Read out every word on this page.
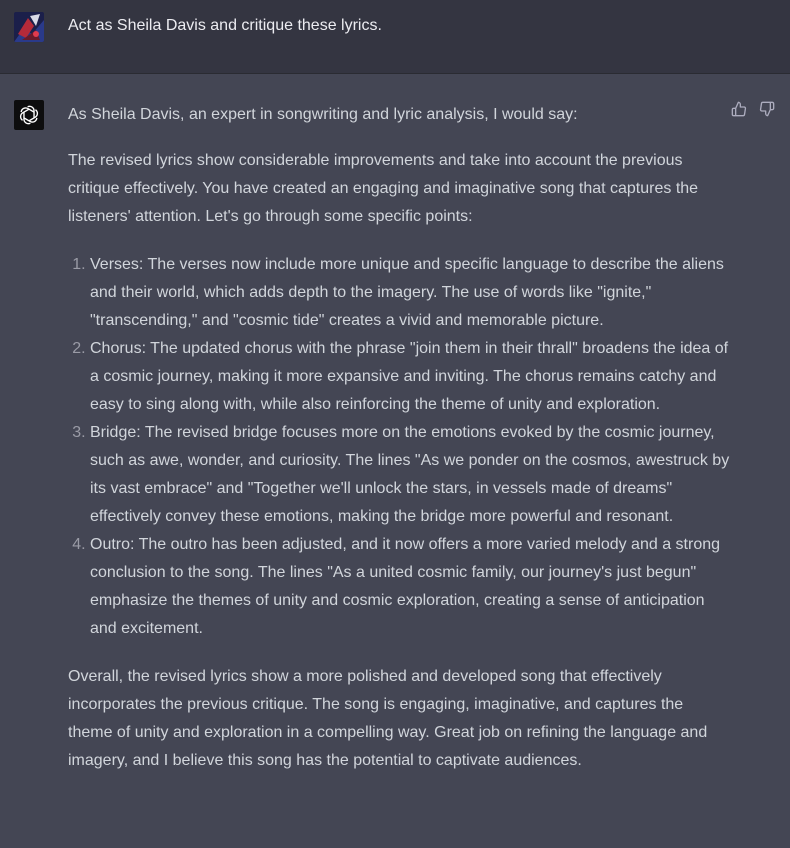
Act as Sheila Davis and critique these lyrics.

As Sheila Davis, an expert in songwriting and lyric analysis, I would say:

The revised lyrics show considerable improvements and take into account the previous critique effectively. You have created an engaging and imaginative song that captures the listeners' attention. Let's go through some specific points:

1. Verses: The verses now include more unique and specific language to describe the aliens and their world, which adds depth to the imagery. The use of words like "ignite," "transcending," and "cosmic tide" creates a vivid and memorable picture.
2. Chorus: The updated chorus with the phrase "join them in their thrall" broadens the idea of a cosmic journey, making it more expansive and inviting. The chorus remains catchy and easy to sing along with, while also reinforcing the theme of unity and exploration.
3. Bridge: The revised bridge focuses more on the emotions evoked by the cosmic journey, such as awe, wonder, and curiosity. The lines "As we ponder on the cosmos, awestruck by its vast embrace" and "Together we'll unlock the stars, in vessels made of dreams" effectively convey these emotions, making the bridge more powerful and resonant.
4. Outro: The outro has been adjusted, and it now offers a more varied melody and a strong conclusion to the song. The lines "As a united cosmic family, our journey's just begun" emphasize the themes of unity and cosmic exploration, creating a sense of anticipation and excitement.

Overall, the revised lyrics show a more polished and developed song that effectively incorporates the previous critique. The song is engaging, imaginative, and captures the theme of unity and exploration in a compelling way. Great job on refining the language and imagery, and I believe this song has the potential to captivate audiences.
